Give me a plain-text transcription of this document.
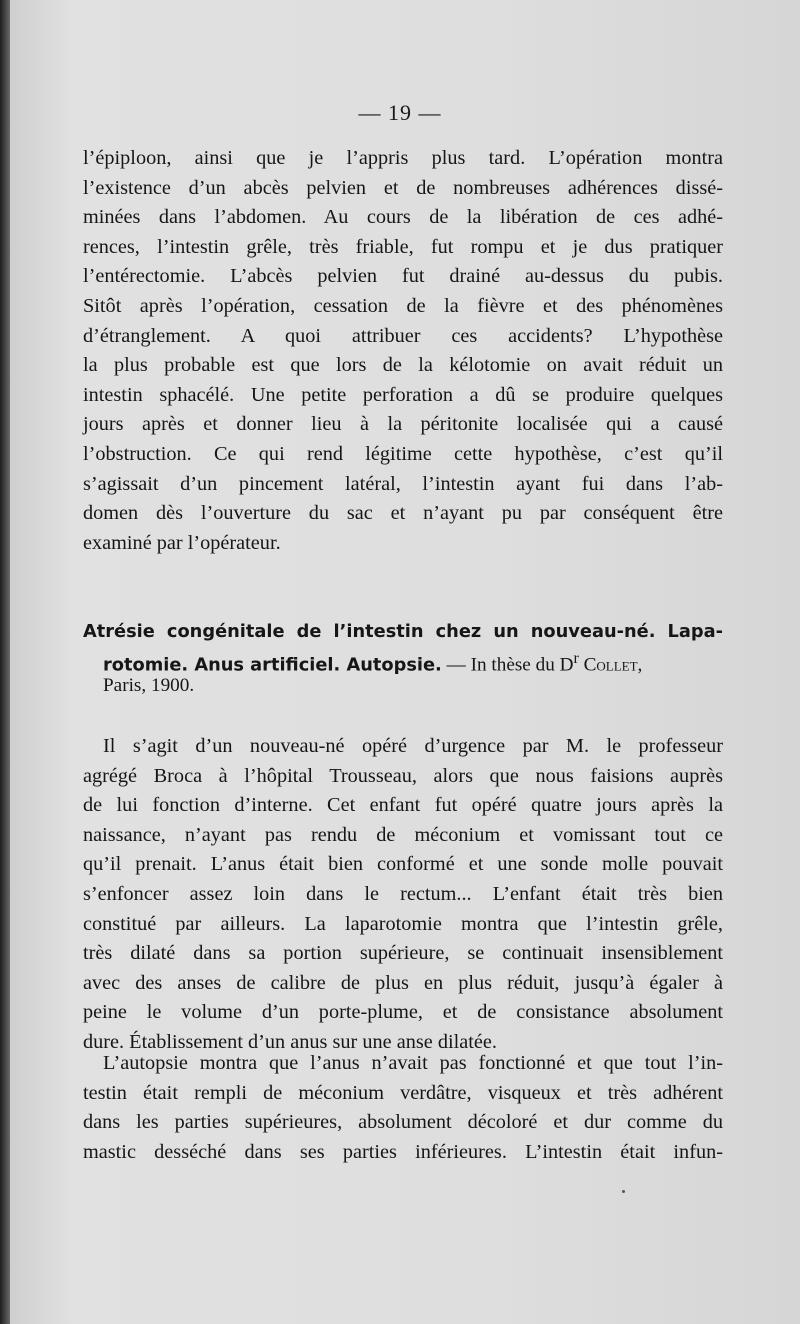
— 19 —
l’épiploon, ainsi que je l’appris plus tard. L’opération montra
l’existence d’un abcès pelvien et de nombreuses adhérences dissé-
minées dans l’abdomen. Au cours de la libération de ces adhé-
rences, l’intestin grêle, très friable, fut rompu et je dus pratiquer
l’entérectomie. L’abcès pelvien fut drainé au-dessus du pubis.
Sitôt après l’opération, cessation de la fièvre et des phénomènes
d’étranglement. A quoi attribuer ces accidents? L’hypothèse
la plus probable est que lors de la kélotomie on avait réduit un
intestin sphacélé. Une petite perforation a dû se produire quelques
jours après et donner lieu à la péritonite localisée qui a causé
l’obstruction. Ce qui rend légitime cette hypothèse, c’est qu’il
s’agissait d’un pincement latéral, l’intestin ayant fui dans l’ab-
domen dès l’ouverture du sac et n’ayant pu par conséquent être
examiné par l’opérateur.
Atrésie congénitale de l’intestin chez un nouveau-né. Lapa-
rotomie. Anus artificiel. Autopsie. — In thèse du $D^r$ Collet,
Paris, 1900.
Il s’agit d’un nouveau-né opéré d’urgence par M. le professeur
agrégé Broca à l’hôpital Trousseau, alors que nous faisions auprès
de lui fonction d’interne. Cet enfant fut opéré quatre jours après la
naissance, n’ayant pas rendu de méconium et vomissant tout ce
qu’il prenait. L’anus était bien conformé et une sonde molle pouvait
s’enfoncer assez loin dans le rectum... L’enfant était très bien
constitué par ailleurs. La laparotomie montra que l’intestin grêle,
très dilaté dans sa portion supérieure, se continuait insensiblement
avec des anses de calibre de plus en plus réduit, jusqu’à égaler à
peine le volume d’un porte-plume, et de consistance absolument
dure. Établissement d’un anus sur une anse dilatée.
L’autopsie montra que l’anus n’avait pas fonctionné et que tout l’in-
testin était rempli de méconium verdâtre, visqueux et très adhérent
dans les parties supérieures, absolument décoloré et dur comme du
mastic desséché dans ses parties inférieures. L’intestin était infun-
